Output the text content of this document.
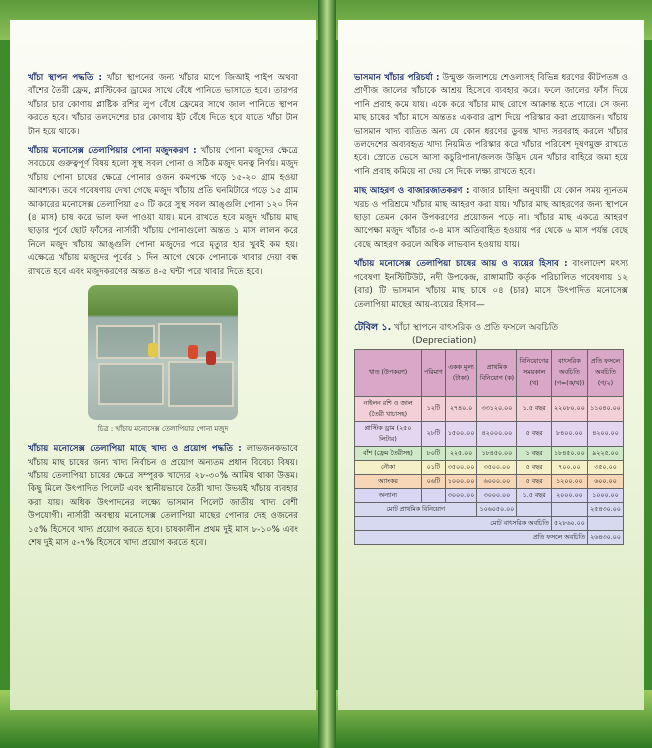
খাঁচা স্থাপন পদ্ধতি : খাঁচা স্থাপনের জন্য খাঁচার মাপে জিআই পাইপ অথবা বাঁশের তৈরী ফ্রেম, প্লাস্টিকের ড্রামের সাথে বেঁধে পানিতে ভাসাতে হবে। তারপর খাঁচার চার কোণায় প্লাষ্টিক রশির লুপ বেঁধে ফ্রেমের সাথে জাল পানিতে স্থাপন করতে হবে। খাঁচার তলদেশের চার কোণায় ইট বেঁধে দিতে হবে যাতে খাঁচা টান টান হয়ে থাকে।

খাঁচায় মনোসেক্স তেলাপিয়ার পোনা মজুদকরণ : খাঁচায় পোনা মজুদের ক্ষেত্রে সবচেয়ে গুরুত্বপূর্ণ বিষয় হলো সুস্থ সবল পোনা ও সঠিক মজুদ ঘনত্ব নির্ণয়। মজুদ খাঁচায় পোনা চাষের ক্ষেত্রে পোনার ওজন কমপক্ষে গড়ে ১৫-২০ গ্রাম হওয়া আবশ্যক। তবে গবেষণায় দেখা গেছে মজুদ খাঁচায় প্রতি ঘনমিটারে গড়ে ১৫ গ্রাম আকারের মনোসেক্স তেলাপিয়া ৫০ টি করে সুস্থ সবল আঙ্গুলি পোনা ১২০ দিন (৪ মাস) চাষ করে ভাল ফল পাওয়া যায়। মনে রাখতে হবে মজুদ খাঁচায় মাছ ছাড়ার পূর্বে ছোট ফাঁসের নার্সারী খাঁচায় পোনাগুলো অন্তত ১ মাস লালন করে নিলে মজুদ খাঁচায় আঙ্গুলি পোনা মজুদের পরে মৃত্যুর হার খুবই কম হয়। এক্ষেত্রে খাঁচায় মজুদের পূর্বের ১ দিন আগে থেকে পোনাকে খাবার দেয়া বন্ধ রাখতে হবে এবং মজুদকরণের অন্তত ৪-৫ ঘন্টা পরে খাবার দিতে হবে।

চিত্র : খাঁচায় মনোসেক্স তেলাপিয়ার পোনা মজুদ

খাঁচায় মনোসেক্স তেলাপিয়া মাছে খাদ্য ও প্রয়োগ পদ্ধতি : লাভজনকভাবে খাঁচায় মাছ চাষের জন্য খাদ্য নির্বাচন ও প্রয়োগ অন্যতম প্রধান বিবেচ্য বিষয়। খাঁচায় তেলাপিয়া চাষের ক্ষেত্রে সম্পূরক খাদ্যের ২৮-৩০% আমিষ থাকা উত্তম। কিছু মিলে উৎপাদিত পিলেট এবং স্থানীয়ভাবে তৈরী খাদ্য উভয়ই খাঁচায় ব্যবহার করা যায়। অধিক উৎপাদনের লক্ষ্যে ভাসমান পিলেট জাতীয় খাদ্য বেশী উপযোগী। নার্সারী অবস্থায় মনোসেক্স তেলাপিয়া মাছের পোনার দেহ ওজনের ১৫% হিসেবে খাদ্য প্রয়োগ করতে হবে। চাষকালীন প্রথম দুই মাস ৮-১০% এবং শেষ দুই মাস ৫-৭% হিসেবে খাদ্য প্রয়োগ করতে হবে।

ভাসমান খাঁচার পরিচর্যা : উন্মুক্ত জলাশয়ে শেওলাসহ বিভিন্ন ধরণের কীটপতঙ্গ ও প্রাণীজ জালের খাঁচাকে আশ্রয় হিসেবে ব্যবহার করে। ফলে জালের ফাঁস দিয়ে পানি প্রবাহ কমে যায়। একে করে খাঁচার মাছ রোগে আক্রান্ত হতে পারে। সে জন্য মাছ চাষের খাঁচা মাসে অন্ততঃ একবার ব্রাশ দিয়ে পরিস্কার করা প্রয়োজন। খাঁচায় ভাসমান খাদ্য ব্যতিত অন্য যে কোন ধরণের ডুবন্ত খাদ্য সরবরাহ করলে খাঁচার তলদেশের অব্যবহৃত খাদ্য নিয়মিত পরিস্কার করে খাঁচার পরিবেশ দূষণমুক্ত রাখতে হবে। স্রোতে ভেসে আসা কচুরিপানা/জলজ উদ্ভিদ যেন খাঁচার বাহিরে জমা হয়ে পানি প্রবাহ কমিয়ে না দেয় সে দিকে লক্ষ্য রাখতে হবে।

মাছ আহরণ ও বাজারজাতকরণ : বাজার চাহিদা অনুযায়ী যে কোন সময় ন্যূনতম খরচ ও পরিশ্রমে খাঁচার মাছ আহরণ করা যায়। খাঁচার মাছ আহরণের জন্য স্থাপনে ছাড়া তেমন কোন উপকরণের প্রয়োজন পড়ে না। খাঁচার মাছ একত্রে আহরণ আপেক্ষা মজুদ খাঁচার ৩-৪ মাস অতিবাহিত হওয়ায় পর থেকে ৬ মাস পর্যন্ত বেছে বেছে আহরণ করলে অধিক লাভবান হওয়ায় যায়।

খাঁচায় মনোসেক্স তেলাপিয়া চাষের আয় ও ব্যয়ের হিসাব : বাংলাদেশ মৎস্য গবেষণা ইনস্টিটিউট, নদী উপকেন্দ্র, রাঙ্গামাটি কর্তৃক পরিচালিত গবেষণায় ১২ (বার) টি ভাসমান খাঁচায় মাছ চাষে ০৪ (চার) মাসে উৎপাদিত মনোসেক্স তেলাপিয়া মাছের আয়-ব্যয়ের হিসাব—

টেবিল ১. খাঁচা স্থাপনে বাৎসরিক ও প্রতি ফসলে অবচিতি
(Depreciation)
খাত (উপকরণ)	পরিমাণ	একক মূল্য (টাকা)	প্রাথমিক বিনিয়োগ (ক)	বিনিয়োগের সময়কাল (খ)	বাৎসরিক অবচিতি (গ=(ক/খ))	প্রতি ফসলে অবচিতি (গ/২)
নাইলন রশি ও জাল (তৈরী খাচাসহ)	১২টি	২৭৪০.০	৩৩১২০.০০	১.৫ বছর	২২০৮০.০০	১১০৪০.০০
প্লাস্টিক ড্রাম (২৫০ লিটার)	২৮টি	১৫০০.০০	৪২০০০.০০	৫ বছর	৮৪০০.০০	৪২০০.০০
বাঁশ (ফ্রেম তৈরীসহ)	৮০টি	২২৫.০০	১৮৪৫০.০০	১ বছর	১৮৪৫০.০০	৯২২৫.০০
নৌকা	০১টি	৩৫০০.০০	৩৫০০.০০	৫ বছর	৭০০.০০	৩৫০.০০
অ্যাংকর	০৬টি	১০০০.০০	৬০০০.০০	৫ বছর	১২০০.০০	৬০০.০০
অন্যান্য		৩০০০.০০	৩০০০.০০	১.৫ বছর	২০০০.০০	১০০০.০০
মোট প্রাথমিক বিনিয়োগ			১০৬০৫০.০০			২৫৪৩০.০০
মোট বাৎসরিক অবচিতি					৫২৮৬০.০০	
প্রতি ফসলে অবচিতি						২৬৪৩০.০০
